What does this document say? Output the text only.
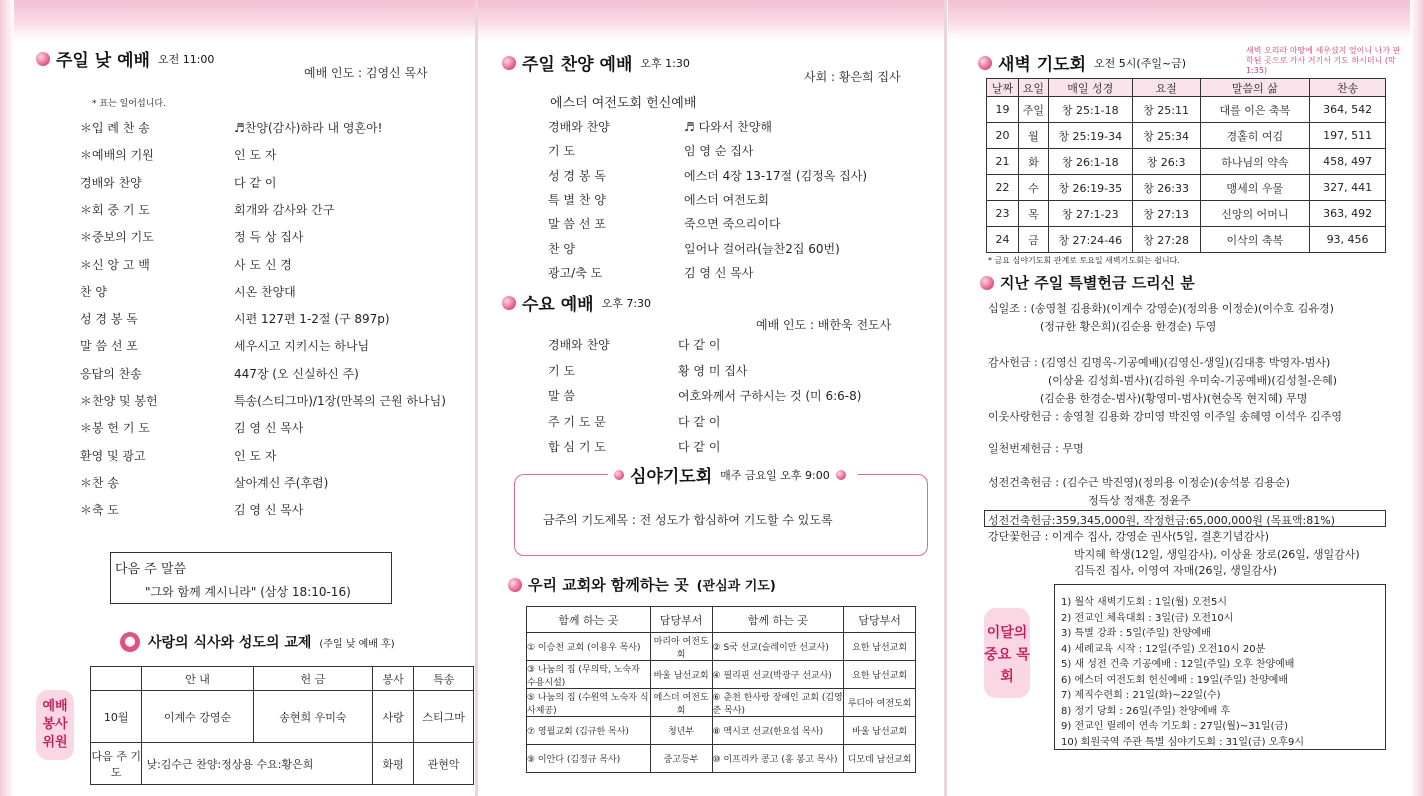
주일 낮 예배 오전 11:00
예배 인도 : 김영신 목사
* 표는 일어섭니다.
＊입 례 찬 송	♬찬양(감사)하라 내 영혼아!
＊예배의 기원	인 도 자
경배와 찬양	다 같 이
＊회 중 기 도	회개와 감사와 간구
＊중보의 기도	정 득 상 집사
＊신 앙 고 백	사 도 신 경
찬 양	시온 찬양대
성 경 봉 독	시편 127편 1-2절 (구 897p)
말 씀 선 포	세우시고 지키시는 하나님
응답의 찬송	447장 (오 신실하신 주)
＊찬양 및 봉헌	특송(스티그마)/1장(만복의 근원 하나님)
＊봉 헌 기 도	김 영 신 목사
환영 및 광고	인 도 자
＊찬 송	살아계신 주(후렴)
＊축 도	김 영 신 목사
다음 주 말씀
"그와 함께 계시니라" (삼상 18:10-16)
● 사랑의 식사와 성도의 교제 (주일 낮 예배 후)
예배 봉사 위원
	안 내	헌 금	봉사	특송
10월	이계수 강영순	송현희 우미숙	사랑	스티그마
다음 주 기 도	낮:김수근 찬양:정상용 수요:황은희		화평	관현악
주일 찬양 예배 오후 1:30
사회 : 황은희 집사
에스더 여전도회 헌신예배
경배와 찬양	♬ 다와서 찬양해
기 도	임 영 순 집사
성 경 봉 독	에스더 4장 13-17절 (김정옥 집사)
특 별 찬 양	에스더 여전도회
말 씀 선 포	죽으면 죽으리이다
찬 양	일어나 걸어라(늘찬2집 60번)
광고/축 도	김 영 신 목사
수요 예배 오후 7:30
예배 인도 : 배한욱 전도사
경배와 찬양	다 같 이
기 도	황 영 미 집사
말 씀	여호와께서 구하시는 것 (미 6:6-8)
주 기 도 문	다 같 이
합 심 기 도	다 같 이
금주의 기도제목 : 전 성도가 합심하여 기도할 수 있도록
심야기도회 매주 금요일 오후 9:00
우리 교회와 함께하는 곳 (관심과 기도)
함께 하는 곳	담당부서	함께 하는 곳	담당부서
① 이승천 교회 (이용우 목사)	마리아 여전도회	② S국 선교(슬레이만 선교사)	요한 남선교회
③ 나눔의 집 (무의탁, 노숙자 수용시설)	바울 남선교회	④ 필리핀 선교(박광구 선교사)	요한 남선교회
⑤ 나눔의 집 (수원역 노숙자 식사제공)	에스더 여전도회	⑥ 춘천 한사랑 장애인 교회 (김영준 목사)	루디아 여전도회
⑦ 영월교회 (김규한 목사)	청년부	⑧ 멕시코 선교(한요섭 목사)	바울 남선교회
⑨ 이안다 (김정규 목사)	중고등부	⑩ 이프리카 콩고 (홍 봉고 목사)	디모데 남선교회
새벽 기도회 오전 5시(주일~금)
새벽 오리라 마땅에 세우셨지 엎이니 나가 판학된 곳으로 가사 거기서 기도 하시더니 (막1:35)
날짜	요일	매일 성경	요절	말씀의 삶	찬송
19	주일	창 25:1-18	창 25:11	대를 이은 축복	364, 542
20	월	창 25:19-34	창 25:34	경홀히 여김	197, 511
21	화	창 26:1-18	창 26:3	하나님의 약속	458, 497
22	수	창 26:19-35	창 26:33	맹세의 우물	327, 441
23	목	창 27:1-23	창 27:13	신앙의 어머니	363, 492
24	금	창 27:24-46	창 27:28	이삭의 축복	93, 456
* 금요 심야기도회 관계로 토요일 새벽기도회는 쉽니다.
지난 주일 특별헌금 드리신 분
십일조 : (송영철 김용화)(이계수 강영순)(정의용 이정순)(이수호 김유경)
(정규한 황은희)(김순용 한경순) 두영
감사헌금 : (김영신 김명옥-기공예배)(김영신-생일)(김대흥 박영자-범사)
(이상윤 김성희-범사)(김하원 우미숙-기공예배)(김성철-은혜)
(김순용 한경순-범사)(황영미-범사)(현승목 현지혜) 무명
이웃사랑헌금 : 송영철 김용화 강미영 박진영 이주일 송혜영 이석우 김주영
일천번제헌금 : 무명
성전건축헌금 : (김수근 박진영)(정의용 이정순)(송석봉 김용순)
정득상 정재훈 정윤주
성전건축헌금:359,345,000원, 작정헌금:65,000,000원 (목표액:81%)
강단꽃헌금 : 이계수 집사, 강영순 권사(5일, 결혼기념감사)
박지혜 학생(12일, 생일감사), 이상윤 장로(26일, 생일감사)
김득진 집사, 이영여 자매(26일, 생일감사)
이달의 중요 목회
1) 월삭 새벽기도회 : 1일(월) 오전5시
2) 전교인 체육대회 : 3일(금) 오전10시
3) 특별 강좌 : 5일(주일) 찬양예배
4) 세례교육 시작 : 12일(주일) 오전10시 20분
5) 새 성전 건축 기공예배 : 12일(주일) 오후 찬양예배
6) 에스더 여전도회 헌신예배 : 19일(주일) 찬양예배
7) 제직수련회 : 21일(화)~22일(수)
8) 정기 당회 : 26일(주일) 찬양예배 후
9) 전교인 릴레이 연속 기도회 : 27일(월)~31일(금)
10) 회원국역 주관 특별 심야기도회 : 31일(금) 오후9시
